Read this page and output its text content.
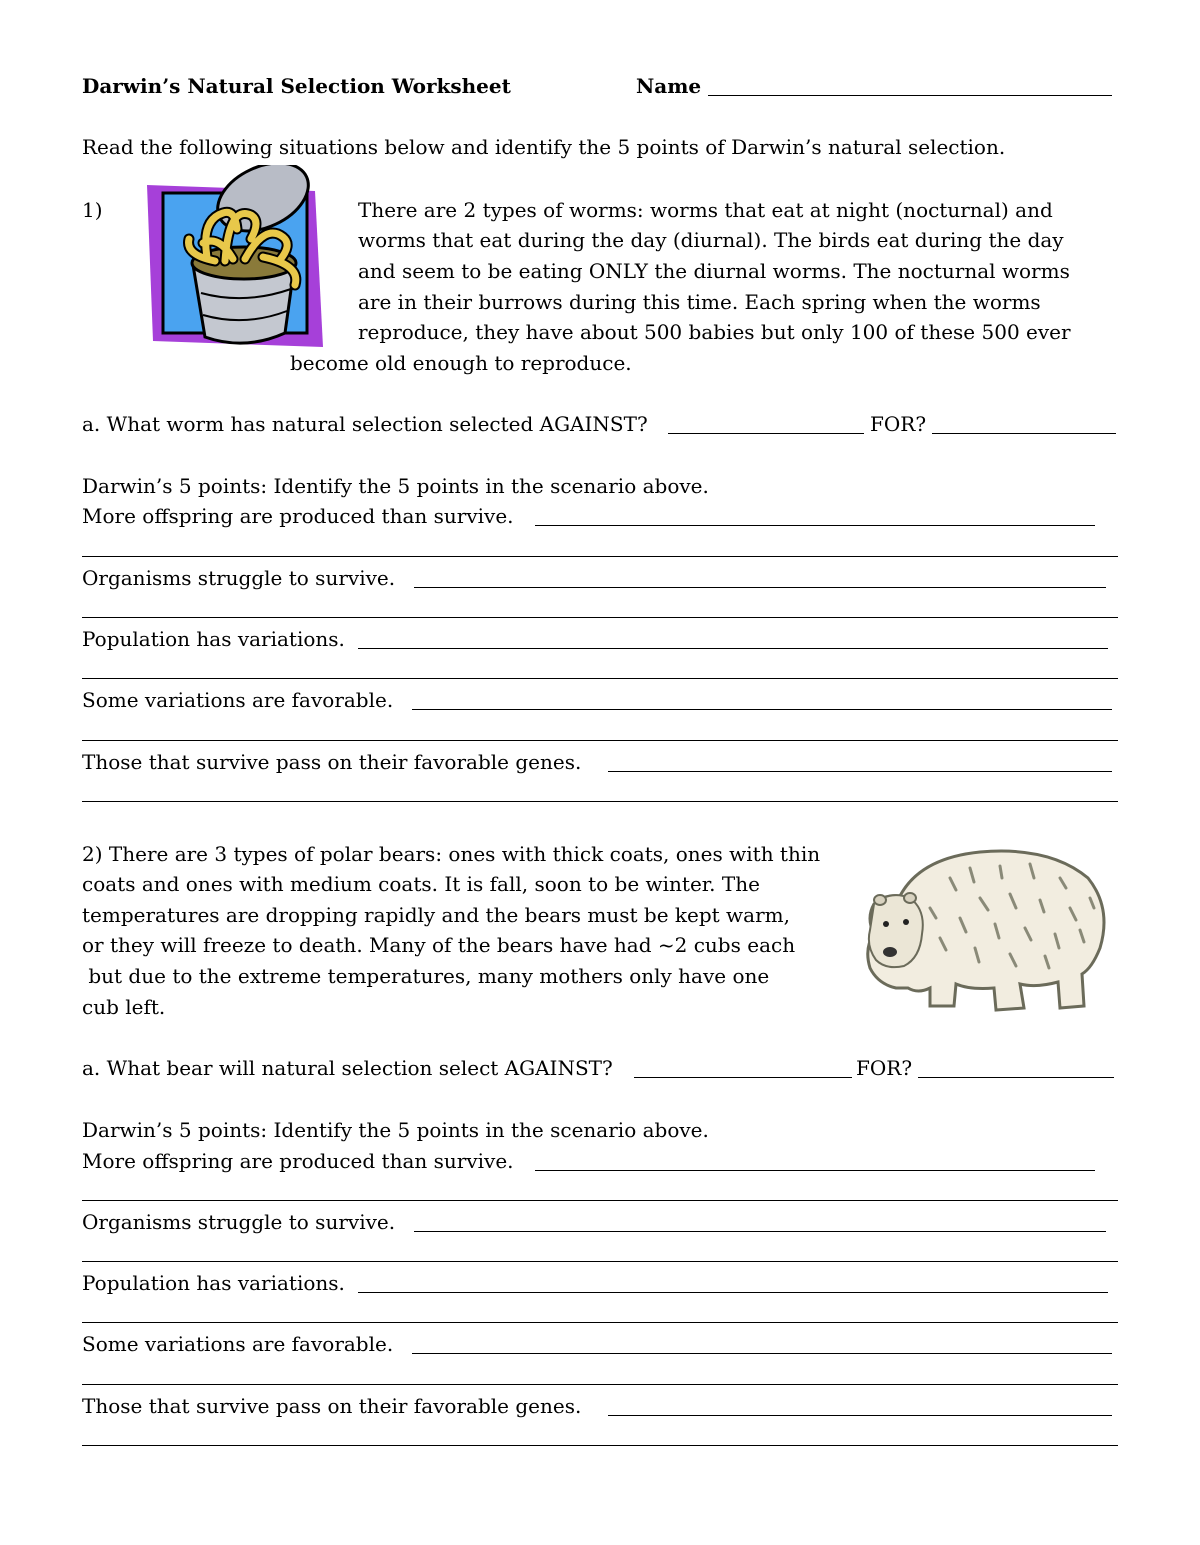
Darwin’s Natural Selection Worksheet	Name
Read the following situations below and identify the 5 points of Darwin’s natural selection.
1)	There are 2 types of worms: worms that eat at night (nocturnal) and
worms that eat during the day (diurnal). The birds eat during the day
and seem to be eating ONLY the diurnal worms. The nocturnal worms
are in their burrows during this time. Each spring when the worms
reproduce, they have about 500 babies but only 100 of these 500 ever
become old enough to reproduce.
a. What worm has natural selection selected AGAINST?	FOR?
Darwin’s 5 points: Identify the 5 points in the scenario above.
More offspring are produced than survive.
Organisms struggle to survive.
Population has variations.
Some variations are favorable.
Those that survive pass on their favorable genes.
2) There are 3 types of polar bears: ones with thick coats, ones with thin
coats and ones with medium coats. It is fall, soon to be winter. The
temperatures are dropping rapidly and the bears must be kept warm,
or they will freeze to death. Many of the bears have had ~2 cubs each
but due to the extreme temperatures, many mothers only have one
cub left.
a. What bear will natural selection select AGAINST?	FOR?
Darwin’s 5 points: Identify the 5 points in the scenario above.
More offspring are produced than survive.
Organisms struggle to survive.
Population has variations.
Some variations are favorable.
Those that survive pass on their favorable genes.
